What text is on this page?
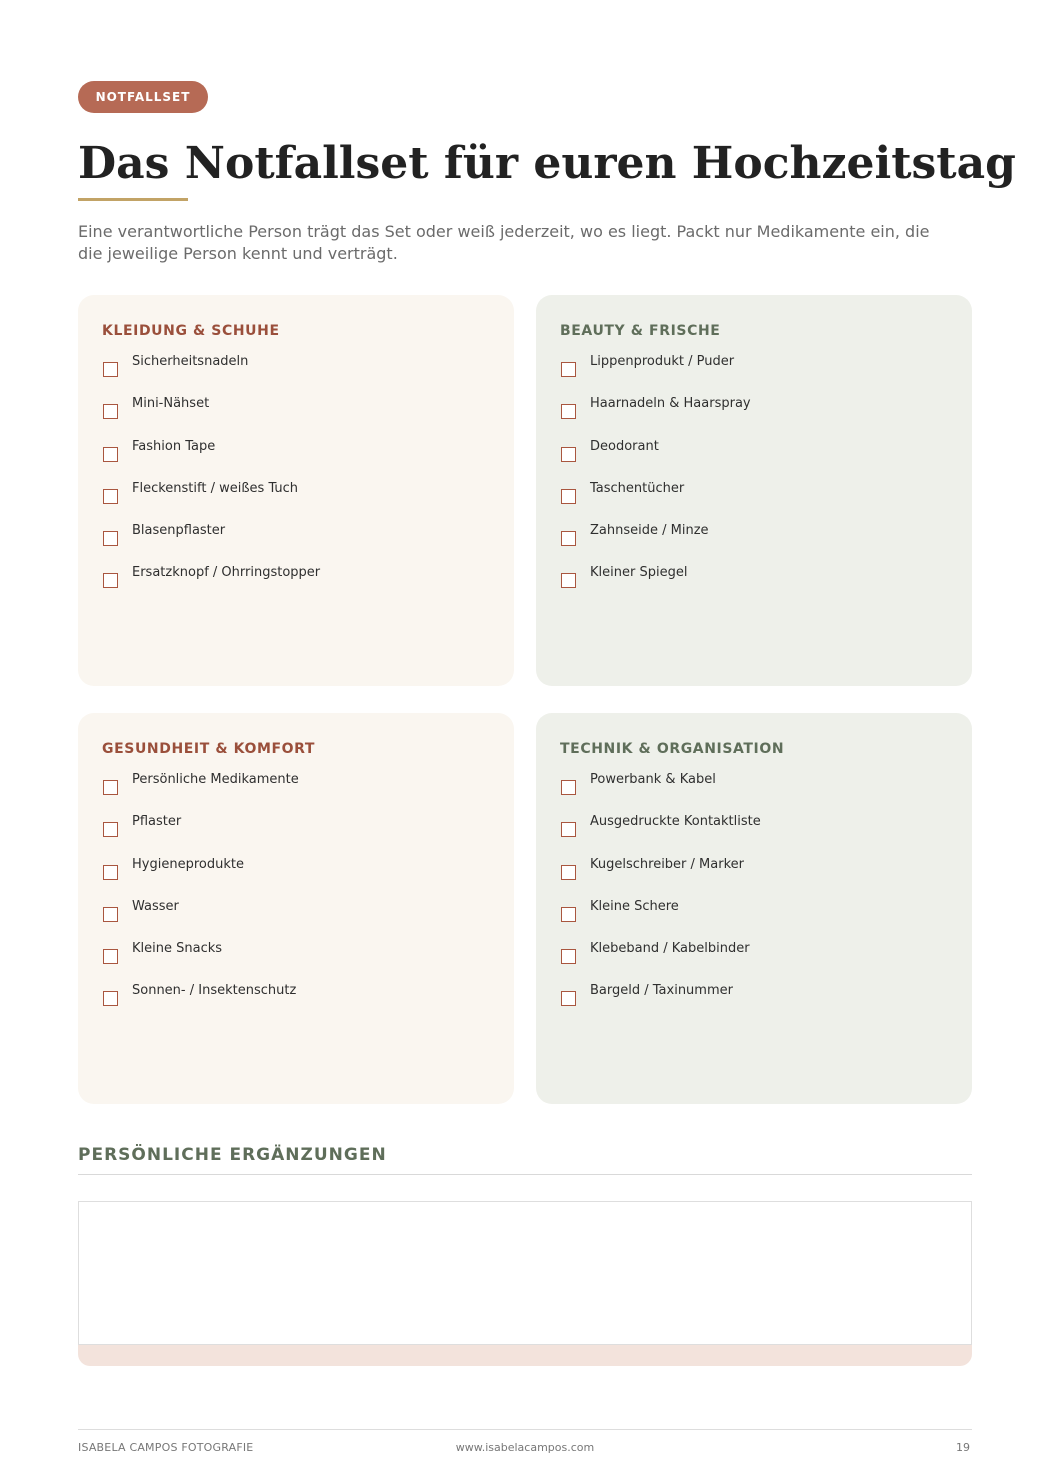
NOTFALLSET
Das Notfallset für euren Hochzeitstag

Eine verantwortliche Person trägt das Set oder weiß jederzeit, wo es liegt. Packt nur Medikamente ein, die die jeweilige Person kennt und verträgt.

KLEIDUNG & SCHUHE
Sicherheitsnadeln
Mini-Nähset
Fashion Tape
Fleckenstift / weißes Tuch
Blasenpflaster
Ersatzknopf / Ohrringstopper
BEAUTY & FRISCHE
Lippenprodukt / Puder
Haarnadeln & Haarspray
Deodorant
Taschentücher
Zahnseide / Minze
Kleiner Spiegel
GESUNDHEIT & KOMFORT
Persönliche Medikamente
Pflaster
Hygieneprodukte
Wasser
Kleine Snacks
Sonnen- / Insektenschutz
TECHNIK & ORGANISATION
Powerbank & Kabel
Ausgedruckte Kontaktliste
Kugelschreiber / Marker
Kleine Schere
Klebeband / Kabelbinder
Bargeld / Taxinummer
PERSÖNLICHE ERGÄNZUNGEN
ISABELA CAMPOS FOTOGRAFIE	www.isabelacampos.com	19
